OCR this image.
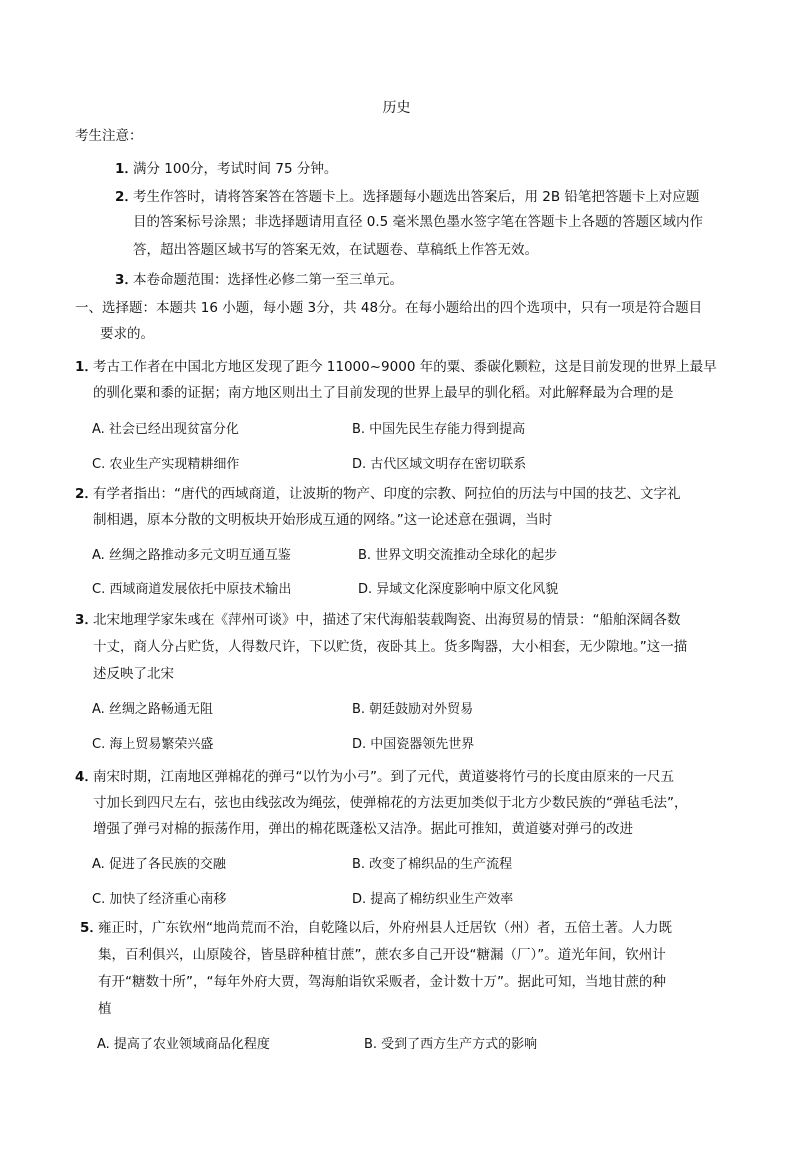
历史
考生注意：
1．
满分 100分，考试时间 75 分钟。
2．
考生作答时，请将答案答在答题卡上。选择题每小题选出答案后，用 2B 铅笔把答题卡上对应题
目的答案标号涂黑；非选择题请用直径 0.5 毫米黑色墨水签字笔在答题卡上各题的答题区域内作
答，超出答题区域书写的答案无效，在试题卷、草稿纸上作答无效。
3．
本卷命题范围：选择性必修二第一至三单元。
一、选择题：本题共 16 小题，每小题 3分，共 48分。在每小题给出的四个选项中，只有一项是符合题目
要求的。
1．
考古工作者在中国北方地区发现了距今 11000~9000 年的粟、黍碳化颗粒，这是目前发现的世界上最早
的驯化粟和黍的证据；南方地区则出土了目前发现的世界上最早的驯化稻。对此解释最为合理的是
A. 社会已经出现贫富分化	B. 中国先民生存能力得到提高
C. 农业生产实现精耕细作	D. 古代区域文明存在密切联系
2．
有学者指出：“唐代的西域商道，让波斯的物产、印度的宗教、阿拉伯的历法与中国的技艺、文字礼
制相遇，原本分散的文明板块开始形成互通的网络。”这一论述意在强调，当时
A. 丝绸之路推动多元文明互通互鉴	B. 世界文明交流推动全球化的起步
C. 西域商道发展依托中原技术输出	D. 异域文化深度影响中原文化风貌
3．
北宋地理学家朱彧在《萍州可谈》中，描述了宋代海船装载陶瓷、出海贸易的情景：“船舶深阔各数
十丈，商人分占贮货，人得数尺许，下以贮货，夜卧其上。货多陶器，大小相套，无少隙地。”这一描
述反映了北宋
A. 丝绸之路畅通无阻	B. 朝廷鼓励对外贸易
C. 海上贸易繁荣兴盛	D. 中国瓷器领先世界
4．
南宋时期，江南地区弹棉花的弹弓“以竹为小弓”。到了元代，黄道婆将竹弓的长度由原来的一尺五
寸加长到四尺左右，弦也由线弦改为绳弦，使弹棉花的方法更加类似于北方少数民族的“弹毡毛法”，
增强了弹弓对棉的振荡作用，弹出的棉花既蓬松又洁净。据此可推知，黄道婆对弹弓的改进
A. 促进了各民族的交融	B. 改变了棉织品的生产流程
C. 加快了经济重心南移	D. 提高了棉纺织业生产效率
5．
雍正时，广东钦州“地尚荒而不治，自乾隆以后，外府州县人迁居钦（州）者，五倍土著。人力既
集，百利俱兴，山原陵谷，皆垦辟种植甘蔗”，蔗农多自己开设“糖漏（厂）”。道光年间，钦州计
有开“糖数十所”，“每年外府大贾，驾海舶诣钦采贩者，金计数十万”。据此可知，当地甘蔗的种
植
A. 提高了农业领域商品化程度	B. 受到了西方生产方式的影响
